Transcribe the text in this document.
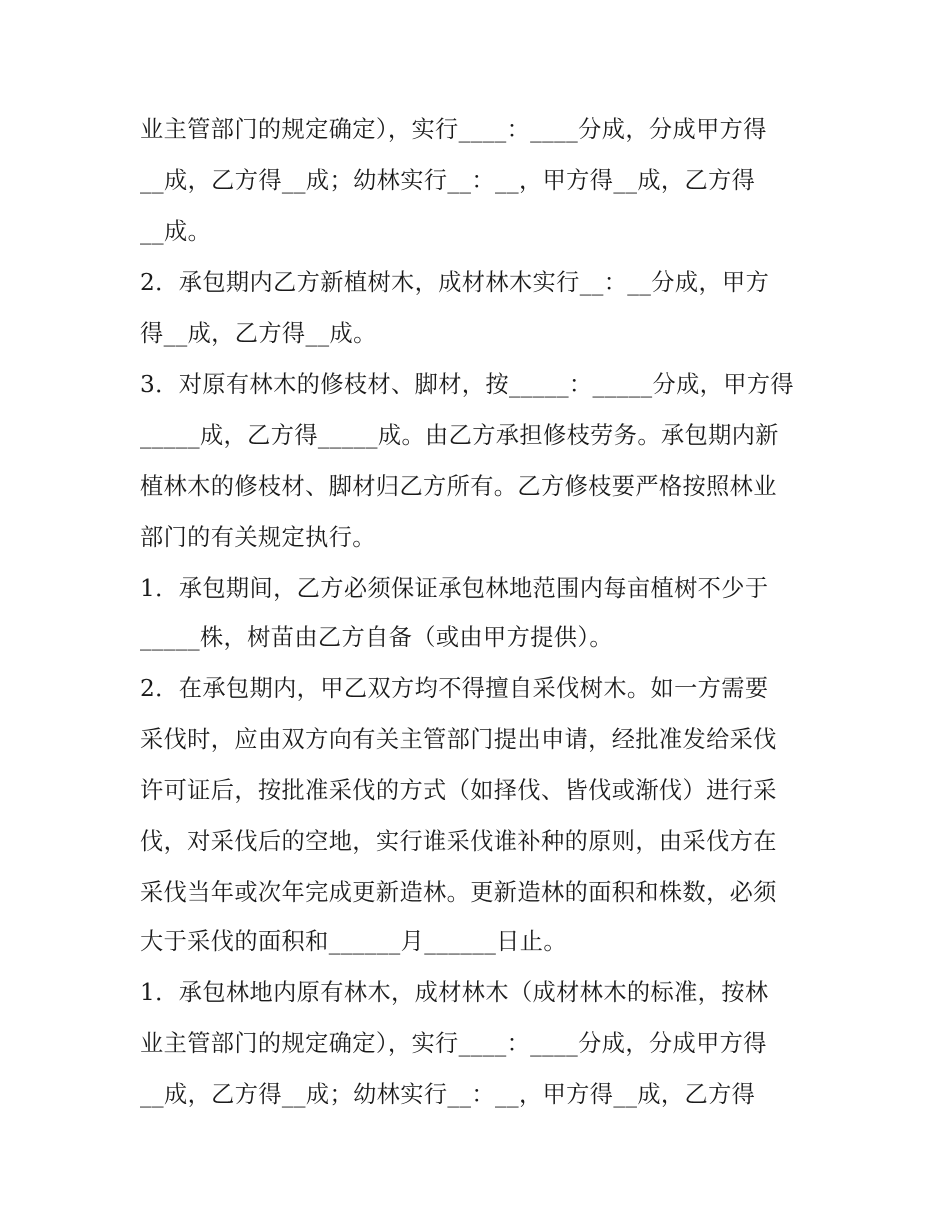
业主管部门的规定确定），实行____：____分成，分成甲方得
__成，乙方得__成；幼林实行__：__，甲方得__成，乙方得
__成。
2．承包期内乙方新植树木，成材林木实行__：__分成，甲方
得__成，乙方得__成。
3．对原有林木的修枝材、脚材，按_____：_____分成，甲方得
_____成，乙方得_____成。由乙方承担修枝劳务。承包期内新
植林木的修枝材、脚材归乙方所有。乙方修枝要严格按照林业
部门的有关规定执行。
1．承包期间，乙方必须保证承包林地范围内每亩植树不少于
_____株，树苗由乙方自备（或由甲方提供）。
2．在承包期内，甲乙双方均不得擅自采伐树木。如一方需要
采伐时，应由双方向有关主管部门提出申请，经批准发给采伐
许可证后，按批准采伐的方式（如择伐、皆伐或渐伐）进行采
伐，对采伐后的空地，实行谁采伐谁补种的原则，由采伐方在
采伐当年或次年完成更新造林。更新造林的面积和株数，必须
大于采伐的面积和______月______日止。
1．承包林地内原有林木，成材林木（成材林木的标准，按林
业主管部门的规定确定），实行____：____分成，分成甲方得
__成，乙方得__成；幼林实行__：__，甲方得__成，乙方得
